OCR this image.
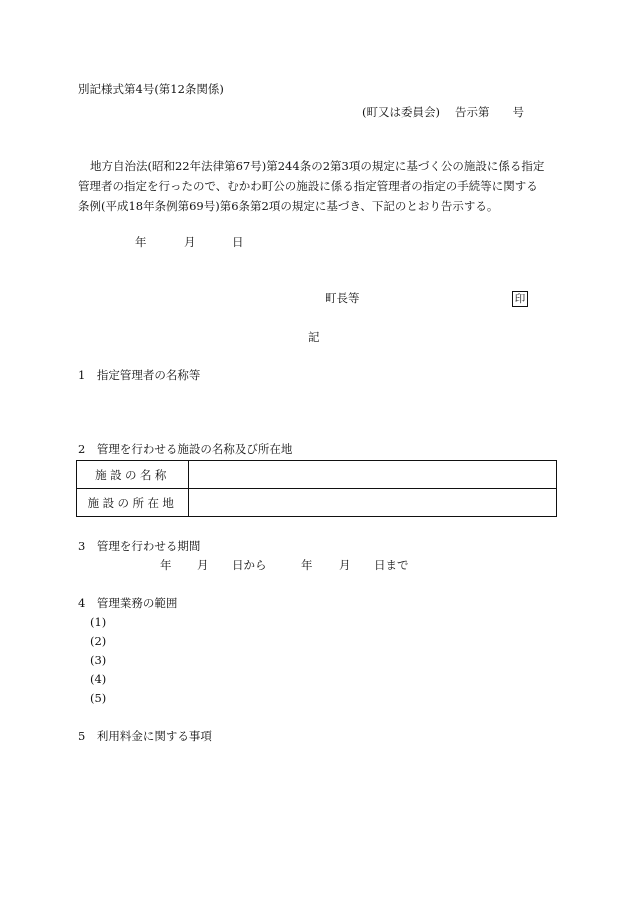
別記様式第4号(第12条関係)
(町又は委員会) 告示第　　号
地方自治法(昭和22年法律第67号)第244条の2第3項の規定に基づく公の施設に係る指定
管理者の指定を行ったので、むかわ町公の施設に係る指定管理者の指定の手続等に関する
条例(平成18年条例第69号)第6条第2項の規定に基づき、下記のとおり告示する。
年	月	日
町長等	印
記
1　指定管理者の名称等
2　管理を行わせる施設の名称及び所在地
施設の名称	
施設の所在地	
3　管理を行わせる期間
年 月 日から	年 月 日まで
4　管理業務の範囲
(1)
(2)
(3)
(4)
(5)
5　利用料金に関する事項
